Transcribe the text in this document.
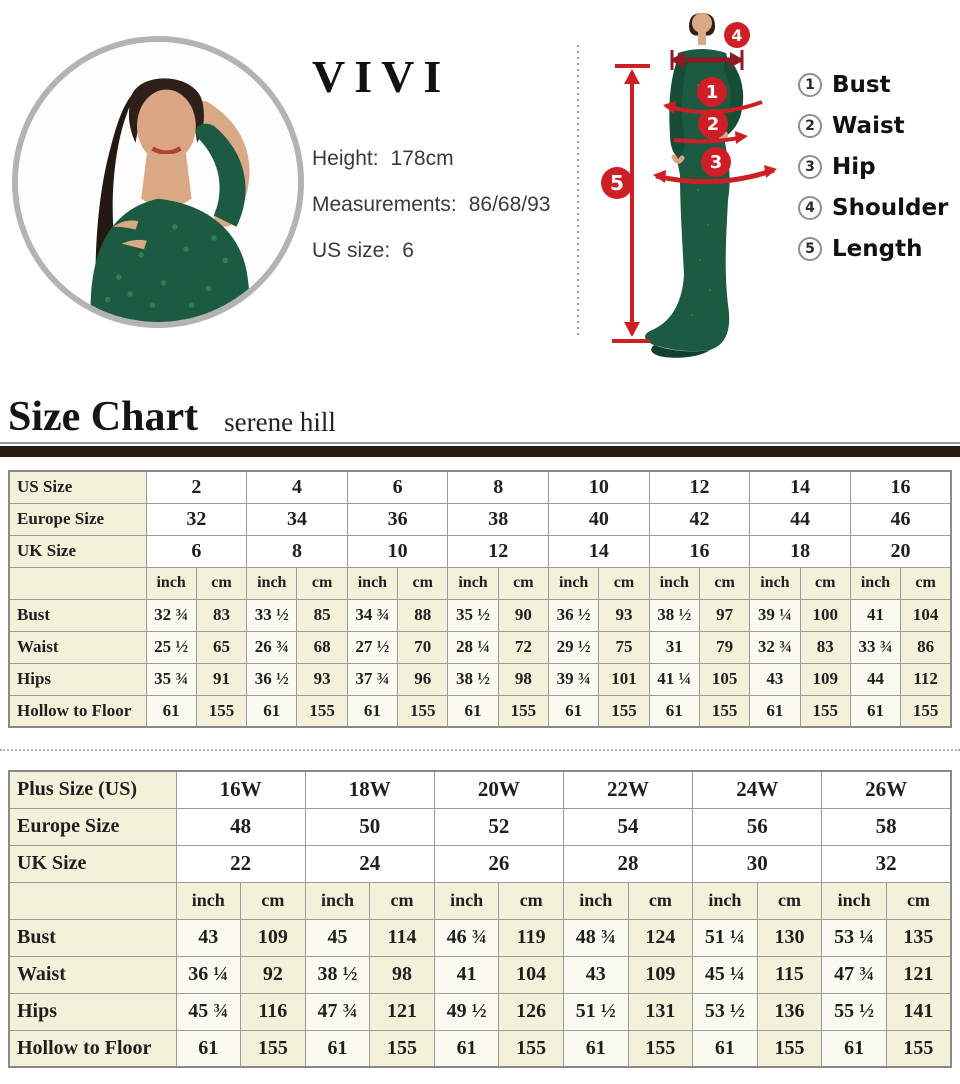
VIVI
Height: 178cm
Measurements: 86/68/93
US size: 6
1
2
3
4
5
1 Bust
2 Waist
3 Hip
4 Shoulder
5 Length
Size Chart serene hill
US Size	2		4		6		8		10		12		14		16	
Europe Size	32		34		36		38		40		42		44		46	
UK Size	6		8		10		12		14		16		18		20	
	inch	cm	inch	cm	inch	cm	inch	cm	inch	cm	inch	cm	inch	cm	inch	cm
Bust	32 ¾	83	33 ½	85	34 ¾	88	35 ½	90	36 ½	93	38 ½	97	39 ¼	100	41	104
Waist	25 ½	65	26 ¾	68	27 ½	70	28 ¼	72	29 ½	75	31	79	32 ¾	83	33 ¾	86
Hips	35 ¾	91	36 ½	93	37 ¾	96	38 ½	98	39 ¾	101	41 ¼	105	43	109	44	112
Hollow to Floor	61	155	61	155	61	155	61	155	61	155	61	155	61	155	61	155
Plus Size (US)	16W		18W		20W		22W		24W		26W	
Europe Size	48		50		52		54		56		58	
UK Size	22		24		26		28		30		32	
	inch	cm	inch	cm	inch	cm	inch	cm	inch	cm	inch	cm
Bust	43	109	45	114	46 ¾	119	48 ¾	124	51 ¼	130	53 ¼	135
Waist	36 ¼	92	38 ½	98	41	104	43	109	45 ¼	115	47 ¾	121
Hips	45 ¾	116	47 ¾	121	49 ½	126	51 ½	131	53 ½	136	55 ½	141
Hollow to Floor	61	155	61	155	61	155	61	155	61	155	61	155
